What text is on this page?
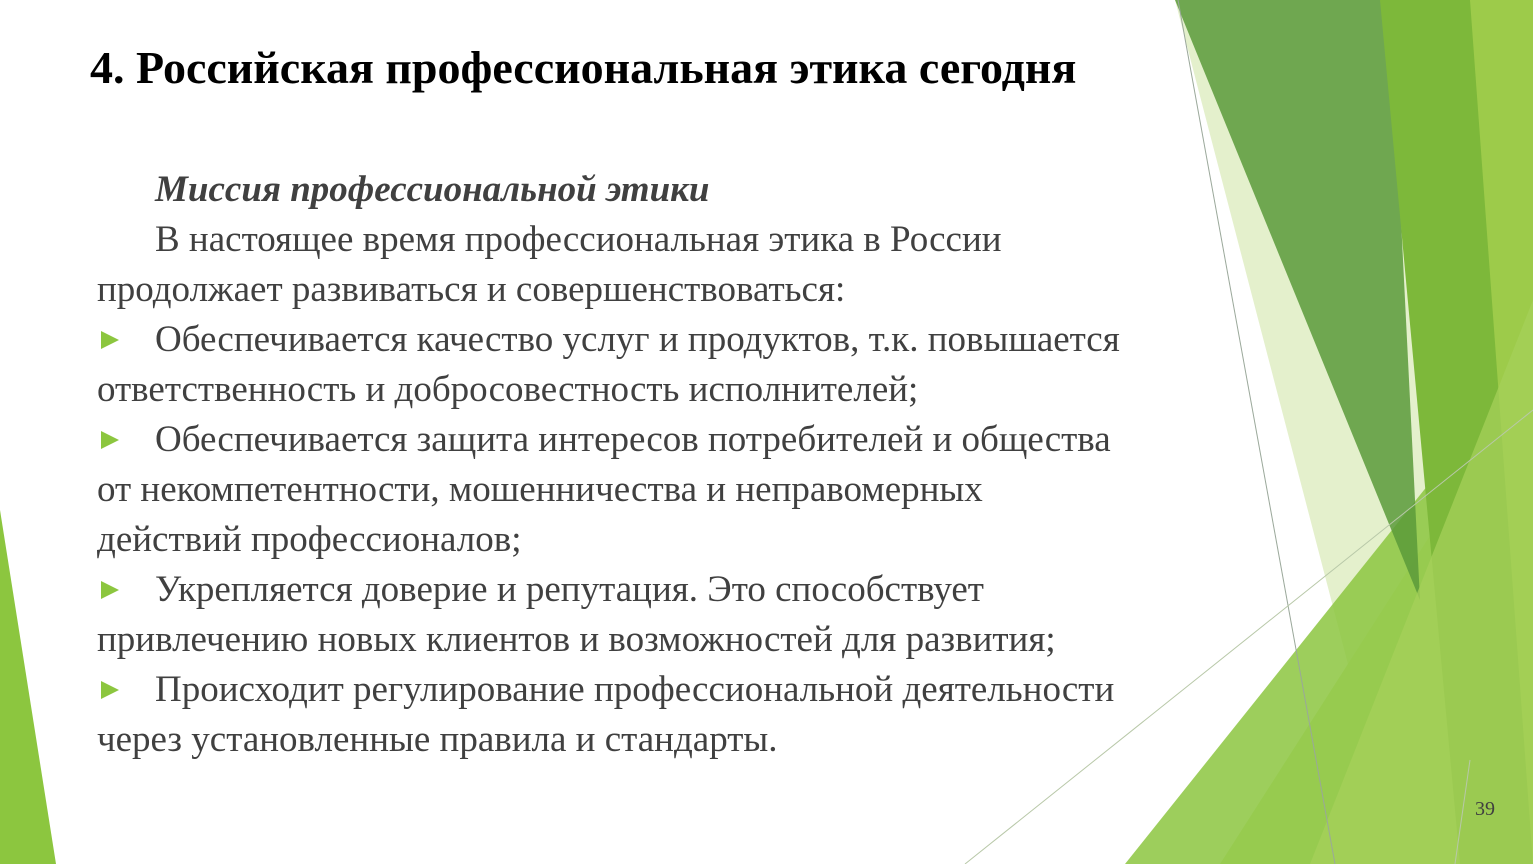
4. Российская профессиональная этика сегодня

Миссия профессиональной этики

В настоящее время профессиональная этика в России
продолжает развиваться и совершенствоваться:

Обеспечивается качество услуг и продуктов, т.к. повышается
ответственность и добросовестность исполнителей;

Обеспечивается защита интересов потребителей и общества
от некомпетентности, мошенничества и неправомерных
действий профессионалов;

Укрепляется доверие и репутация. Это способствует
привлечению новых клиентов и возможностей для развития;

Происходит регулирование профессиональной деятельности
через установленные правила и стандарты.

39
